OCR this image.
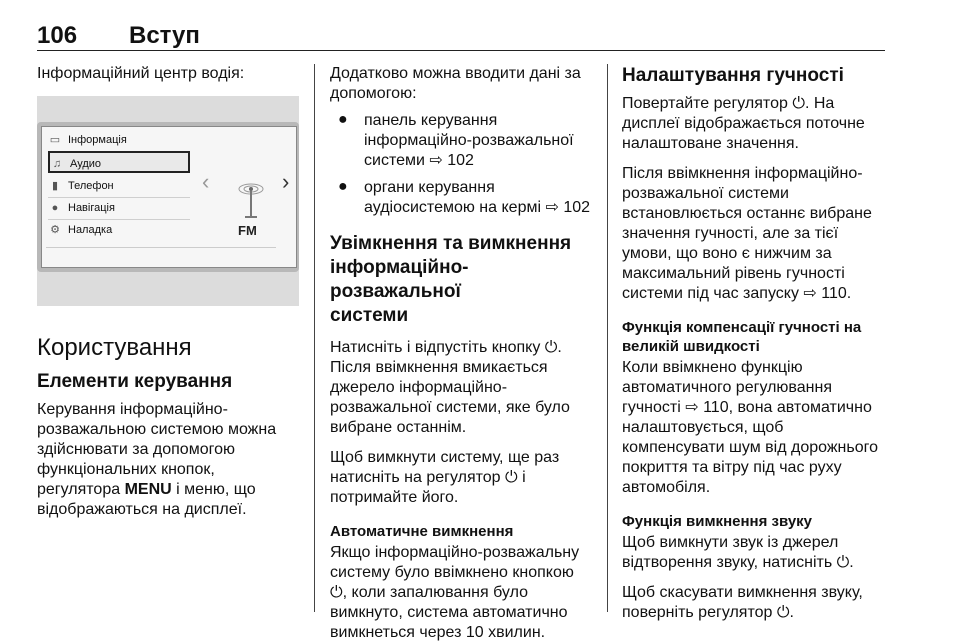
106 Вступ

Інформаційний центр водія:

▭ Інформація
♫ Аудио
▮ Телефон
● Навігація
⚙ Наладка
‹	›
FM
Користування
Елементи керування

Керування інформаційно-

розважальною системою можна

здійснювати за допомогою

функціональних кнопок,

регулятора MENU і меню, що

відображаються на дисплеї.

Додатково можна вводити дані за

допомогою:

● панель керування

інформаційно-розважальної

системи ⇨ 102

● органи керування

аудіосистемою на кермі ⇨ 102

Увімкнення та вимкнення
інформаційно-розважальної
системи

Натисніть і відпустіть кнопку ⏻.

Після ввімкнення вмикається

джерело інформаційно-

розважальної системи, яке було

вибране останнім.

Щоб вимкнути систему, ще раз

натисніть на регулятор ⏻ і

потримайте його.

Автоматичне вимкнення

Якщо інформаційно-розважальну

систему було ввімкнено кнопкою

⏻, коли запалювання було

вимкнуто, система автоматично

вимкнеться через 10 хвилин.

Налаштування гучності

Повертайте регулятор ⏻. На

дисплеї відображається поточне

налаштоване значення.

Після ввімкнення інформаційно-

розважальної системи

встановлюється останнє вибране

значення гучності, але за тієї

умови, що воно є нижчим за

максимальний рівень гучності

системи під час запуску ⇨ 110.

Функція компенсації гучності на
великій швидкості

Коли ввімкнено функцію

автоматичного регулювання

гучності ⇨ 110, вона автоматично

налаштовується, щоб

компенсувати шум від дорожнього

покриття та вітру під час руху

автомобіля.

Функція вимкнення звуку

Щоб вимкнути звук із джерел

відтворення звуку, натисніть ⏻.

Щоб скасувати вимкнення звуку,

поверніть регулятор ⏻.
